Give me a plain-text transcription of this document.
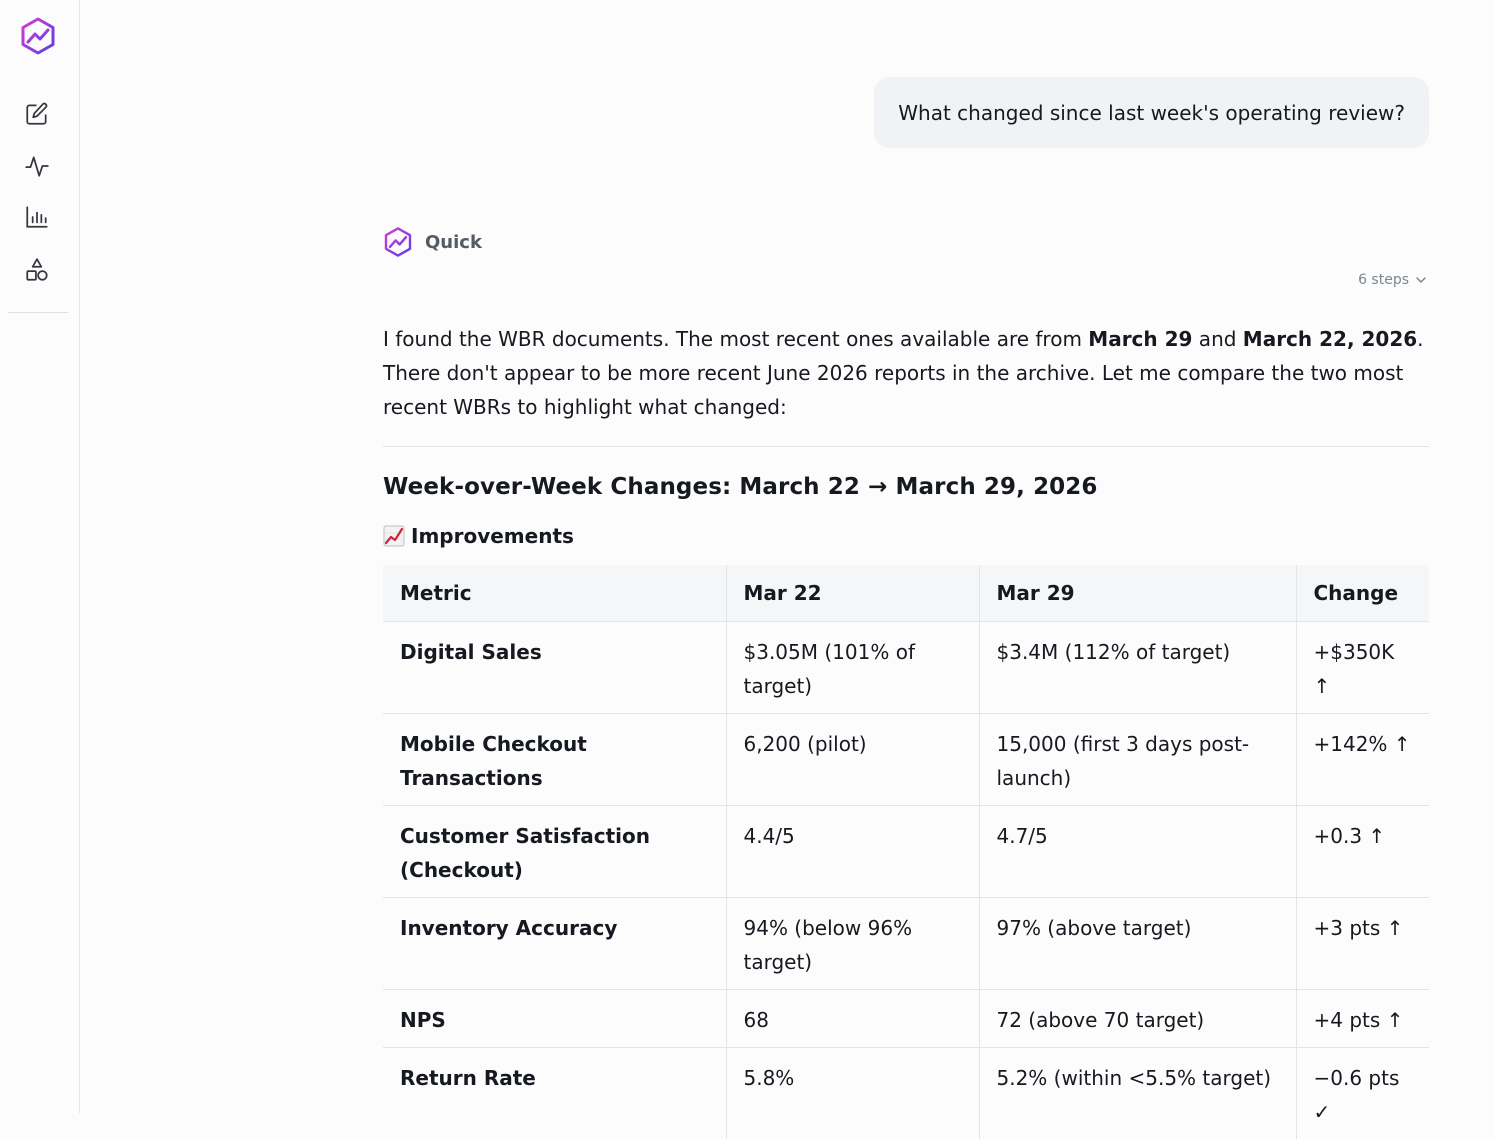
What changed since last week's operating review?
Quick
6 steps

I found the WBR documents. The most recent ones available are from March 29 and March 22, 2026. There don't appear to be more recent June 2026 reports in the archive. Let me compare the two most recent WBRs to highlight what changed:

Week-over-Week Changes: March 22 → March 29, 2026
Improvements
Metric	Mar 22	Mar 29	Change
Digital Sales	$3.05M (101% of target)	$3.4M (112% of target)	+$350K ↑
Mobile Checkout Transactions	6,200 (pilot)	15,000 (first 3 days post-launch)	+142% ↑
Customer Satisfaction (Checkout)	4.4/5	4.7/5	+0.3 ↑
Inventory Accuracy	94% (below 96% target)	97% (above target)	+3 pts ↑
NPS	68	72 (above 70 target)	+4 pts ↑
Return Rate	5.8%	5.2% (within <5.5% target)	−0.6 pts ✓
